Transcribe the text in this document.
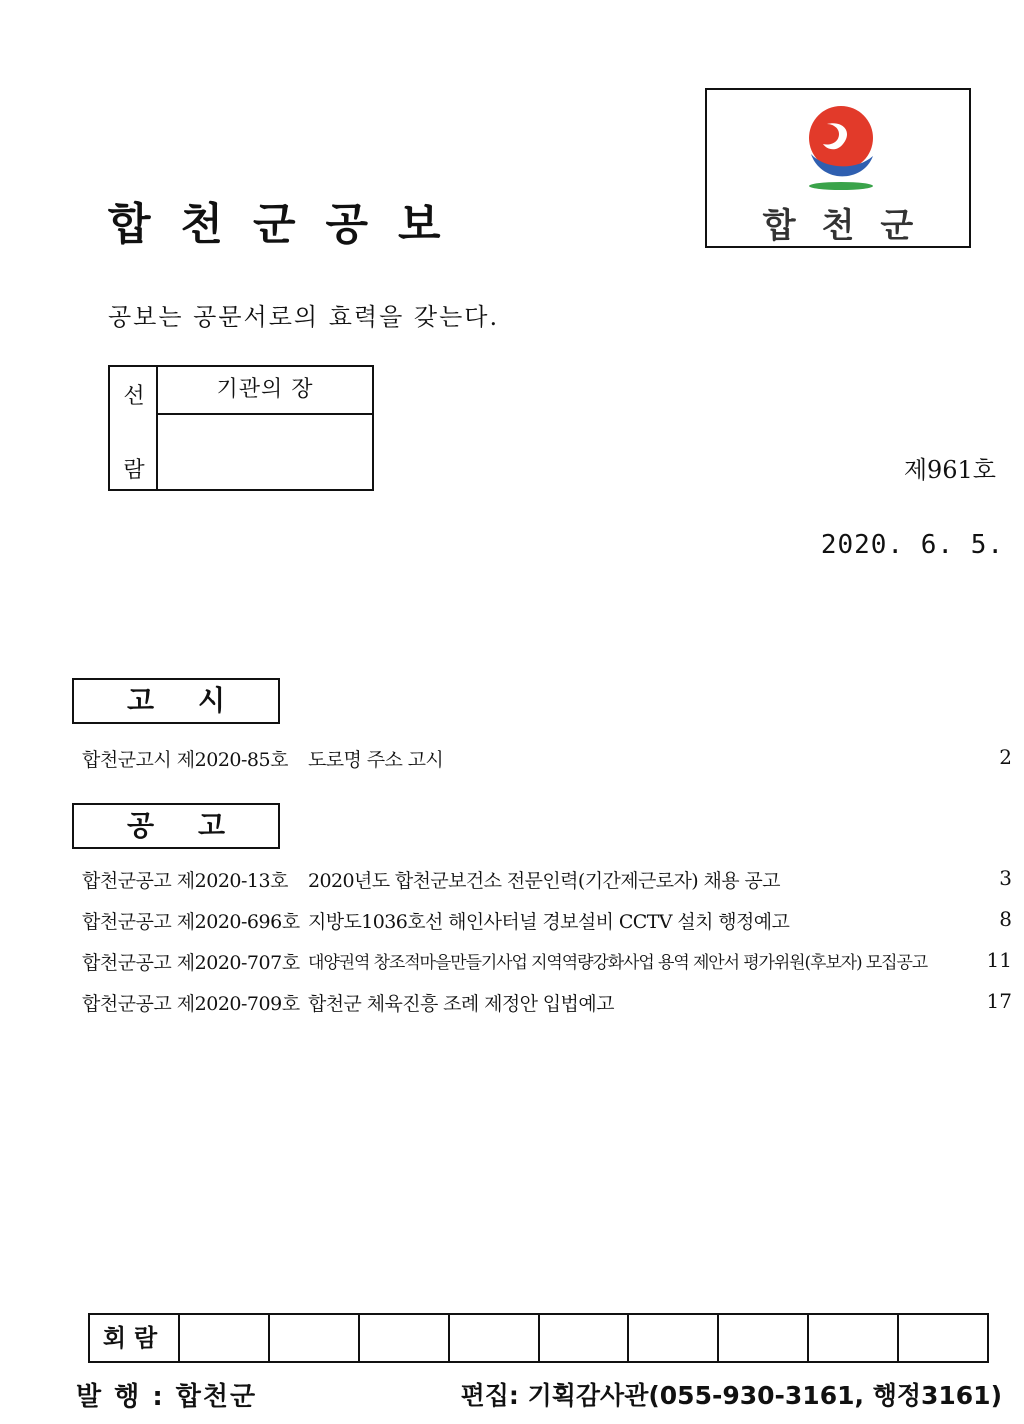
합천군공보	합천군
공보는 공문서로의 효력을 갖는다.
선
람
기관의 장
제961호
2020. 6. 5.
고시
합천군고시 제2020-85호 도로명 주소 고시	2
공고
합천군공고 제2020-13호 2020년도 합천군보건소 전문인력(기간제근로자) 채용 공고	3
합천군공고 제2020-696호 지방도1036호선 해인사터널 경보설비 CCTV 설치 행정예고	8
합천군공고 제2020-707호 대양권역 창조적마을만들기사업 지역역량강화사업 용역 제안서 평가위원(후보자) 모집공고	11
합천군공고 제2020-709호 합천군 체육진흥 조례 제정안 입법예고	17
회람
발 행 : 합천군	편집: 기획감사관(055-930-3161, 행정3161)
